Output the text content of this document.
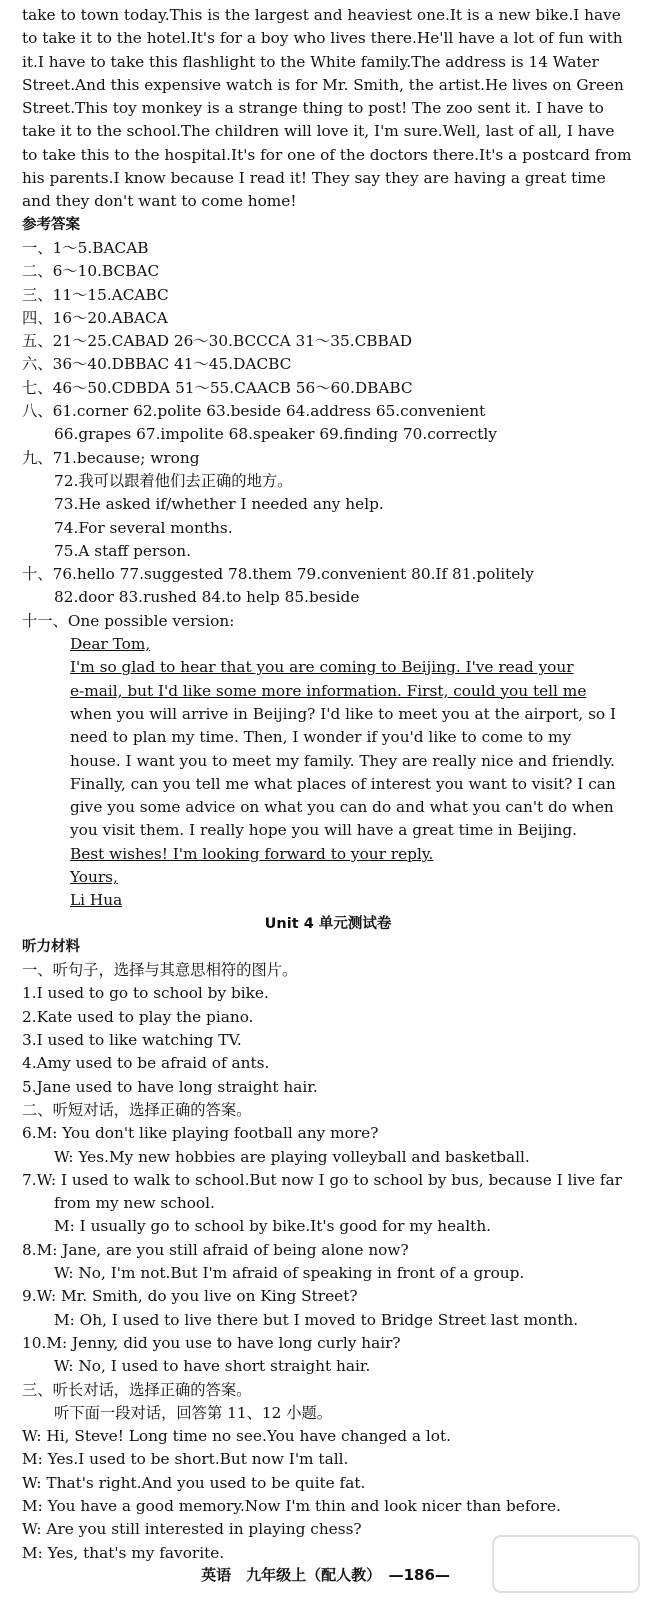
take to town today.This is the largest and heaviest one.It is a new bike.I have to take it to the hotel.It's for a boy who lives there.He'll have a lot of fun with it.I have to take this flashlight to the White family.The address is 14 Water Street.And this expensive watch is for Mr. Smith, the artist.He lives on Green Street.This toy monkey is a strange thing to post! The zoo sent it. I have to take it to the school.The children will love it, I'm sure.Well, last of all, I have to take this to the hospital.It's for one of the doctors there.It's a postcard from his parents.I know because I read it! They say they are having a great time and they don't want to come home!
参考答案
一、1～5.BACAB
二、6～10.BCBAC
三、11～15.ACABC
四、16～20.ABACA
五、21～25.CABAD 26～30.BCCCA 31～35.CBBAD
六、36～40.DBBAC 41～45.DACBC
七、46～50.CDBDA 51～55.CAACB 56～60.DBABC
八、61.corner 62.polite 63.beside 64.address 65.convenient
66.grapes 67.impolite 68.speaker 69.finding 70.correctly
九、71.because; wrong
72.我可以跟着他们去正确的地方。
73.He asked if/whether I needed any help.
74.For several months.
75.A staff person.
十、76.hello 77.suggested 78.them 79.convenient 80.If 81.politely
82.door 83.rushed 84.to help 85.beside
十一、One possible version:
Dear Tom,
I'm so glad to hear that you are coming to Beijing. I've read your
e-mail, but I'd like some more information. First, could you tell me
when you will arrive in Beijing? I'd like to meet you at the airport, so I
need to plan my time. Then, I wonder if you'd like to come to my
house. I want you to meet my family. They are really nice and friendly.
Finally, can you tell me what places of interest you want to visit? I can
give you some advice on what you can do and what you can't do when
you visit them. I really hope you will have a great time in Beijing.
Best wishes! I'm looking forward to your reply.
Yours,
Li Hua
Unit 4 单元测试卷
听力材料
一、听句子，选择与其意思相符的图片。
1.I used to go to school by bike.
2.Kate used to play the piano.
3.I used to like watching TV.
4.Amy used to be afraid of ants.
5.Jane used to have long straight hair.
二、听短对话，选择正确的答案。
6.M: You don't like playing football any more?
W: Yes.My new hobbies are playing volleyball and basketball.
7.W: I used to walk to school.But now I go to school by bus, because I live far
from my new school.
M: I usually go to school by bike.It's good for my health.
8.M: Jane, are you still afraid of being alone now?
W: No, I'm not.But I'm afraid of speaking in front of a group.
9.W: Mr. Smith, do you live on King Street?
M: Oh, I used to live there but I moved to Bridge Street last month.
10.M: Jenny, did you use to have long curly hair?
W: No, I used to have short straight hair.
三、听长对话，选择正确的答案。
听下面一段对话，回答第 11、12 小题。
W: Hi, Steve! Long time no see.You have changed a lot.
M: Yes.I used to be short.But now I'm tall.
W: That's right.And you used to be quite fat.
M: You have a good memory.Now I'm thin and look nicer than before.
W: Are you still interested in playing chess?
M: Yes, that's my favorite.
英语　九年级上（配人教）　—186—
